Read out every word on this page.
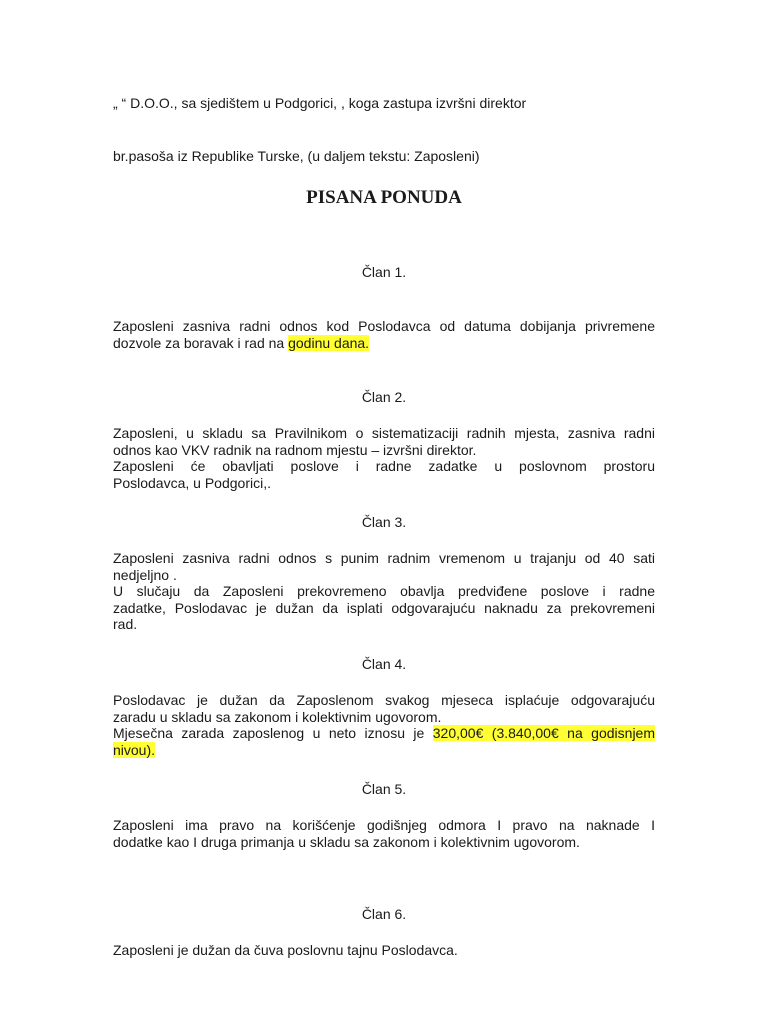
„ “ D.O.O., sa sjedištem u Podgorici, , koga zastupa izvršni direktor

br.pasoša iz Republike Turske, (u daljem tekstu: Zaposleni)

PISANA PONUDA

Član 1.

Zaposleni zasniva radni odnos kod Poslodavca od datuma dobijanja privremene
dozvole za boravak i rad na godinu dana.

Član 2.

Zaposleni, u skladu sa Pravilnikom o sistematizaciji radnih mjesta, zasniva radni
odnos kao VKV radnik na radnom mjestu – izvršni direktor.
Zaposleni će obavljati poslove i radne zadatke u poslovnom prostoru
Poslodavca, u Podgorici,.

Član 3.

Zaposleni zasniva radni odnos s punim radnim vremenom u trajanju od 40 sati
nedjeljno .
U slučaju da Zaposleni prekovremeno obavlja predviđene poslove i radne
zadatke, Poslodavac je dužan da isplati odgovarajuću naknadu za prekovremeni
rad.

Član 4.

Poslodavac je dužan da Zaposlenom svakog mjeseca isplaćuje odgovarajuću
zaradu u skladu sa zakonom i kolektivnim ugovorom.
Mjesečna zarada zaposlenog u neto iznosu je 320,00€ (3.840,00€ na godisnjem
nivou).

Član 5.

Zaposleni ima pravo na korišćenje godišnjeg odmora I pravo na naknade I
dodatke kao I druga primanja u skladu sa zakonom i kolektivnim ugovorom.

Član 6.

Zaposleni je dužan da čuva poslovnu tajnu Poslodavca.
